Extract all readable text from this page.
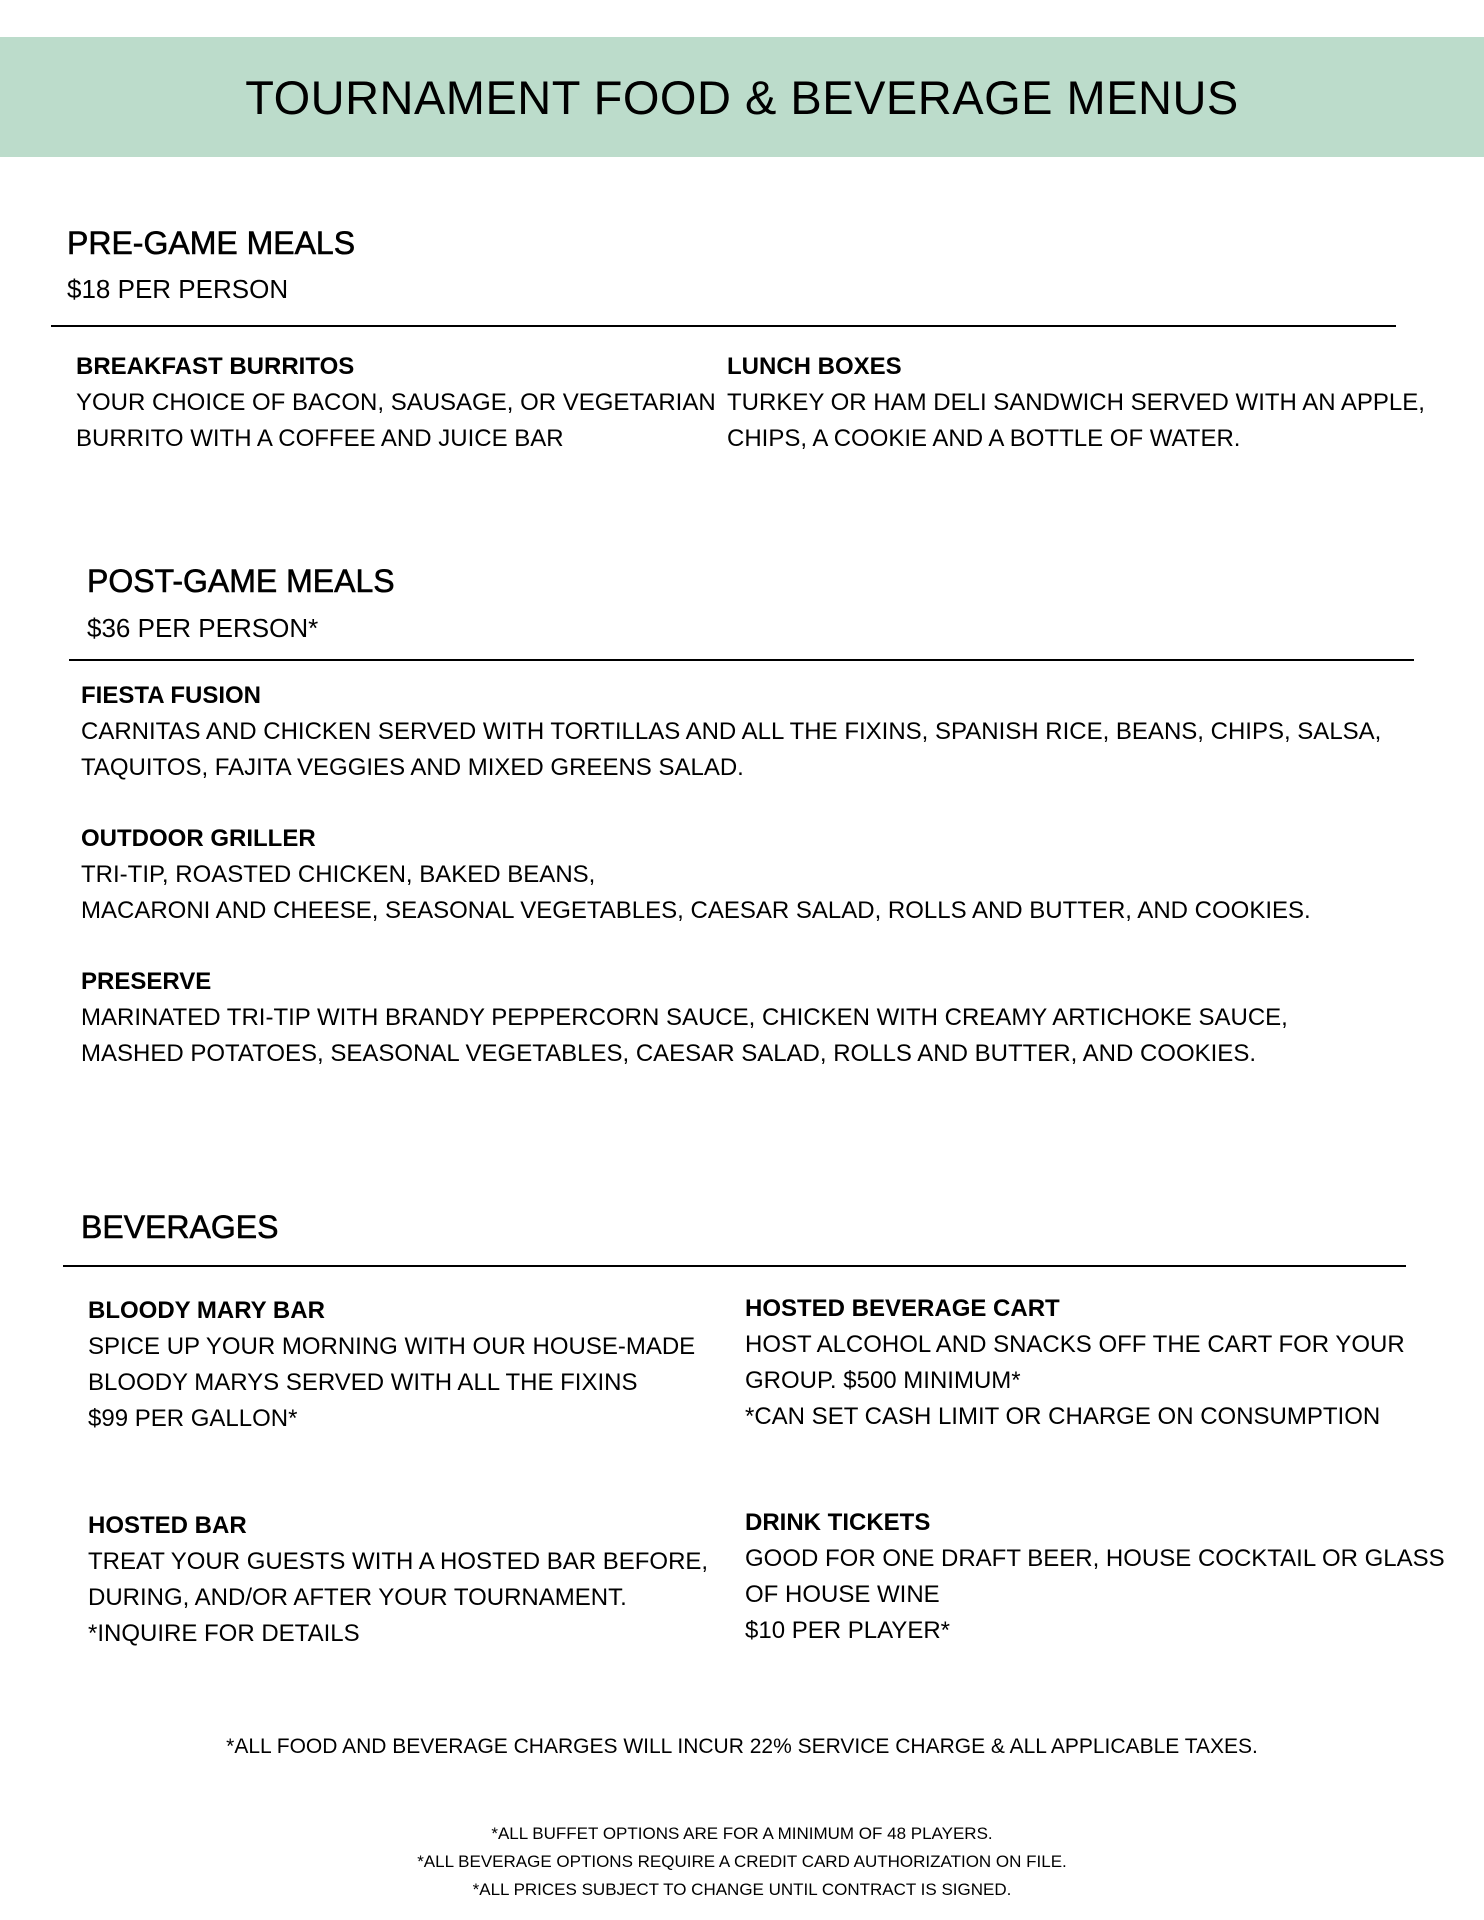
TOURNAMENT FOOD & BEVERAGE MENUS
PRE-GAME MEALS
$18 PER PERSON
BREAKFAST BURRITOS
YOUR CHOICE OF BACON, SAUSAGE, OR VEGETARIAN
BURRITO WITH A COFFEE AND JUICE BAR
LUNCH BOXES
TURKEY OR HAM DELI SANDWICH SERVED WITH AN APPLE,
CHIPS, A COOKIE AND A BOTTLE OF WATER.
POST-GAME MEALS
$36 PER PERSON*
FIESTA FUSION
CARNITAS AND CHICKEN SERVED WITH TORTILLAS AND ALL THE FIXINS, SPANISH RICE, BEANS, CHIPS, SALSA,
TAQUITOS, FAJITA VEGGIES AND MIXED GREENS SALAD.
OUTDOOR GRILLER
TRI-TIP, ROASTED CHICKEN, BAKED BEANS,
MACARONI AND CHEESE, SEASONAL VEGETABLES, CAESAR SALAD, ROLLS AND BUTTER, AND COOKIES.
PRESERVE
MARINATED TRI-TIP WITH BRANDY PEPPERCORN SAUCE, CHICKEN WITH CREAMY ARTICHOKE SAUCE,
MASHED POTATOES, SEASONAL VEGETABLES, CAESAR SALAD, ROLLS AND BUTTER, AND COOKIES.
BEVERAGES
BLOODY MARY BAR
SPICE UP YOUR MORNING WITH OUR HOUSE-MADE
BLOODY MARYS SERVED WITH ALL THE FIXINS
$99 PER GALLON*
HOSTED BEVERAGE CART
HOST ALCOHOL AND SNACKS OFF THE CART FOR YOUR
GROUP. $500 MINIMUM*
*CAN SET CASH LIMIT OR CHARGE ON CONSUMPTION
HOSTED BAR
TREAT YOUR GUESTS WITH A HOSTED BAR BEFORE,
DURING, AND/OR AFTER YOUR TOURNAMENT.
*INQUIRE FOR DETAILS
DRINK TICKETS
GOOD FOR ONE DRAFT BEER, HOUSE COCKTAIL OR GLASS
OF HOUSE WINE
$10 PER PLAYER*
*ALL FOOD AND BEVERAGE CHARGES WILL INCUR 22% SERVICE CHARGE & ALL APPLICABLE TAXES.
*ALL BUFFET OPTIONS ARE FOR A MINIMUM OF 48 PLAYERS.
*ALL BEVERAGE OPTIONS REQUIRE A CREDIT CARD AUTHORIZATION ON FILE.
*ALL PRICES SUBJECT TO CHANGE UNTIL CONTRACT IS SIGNED.
